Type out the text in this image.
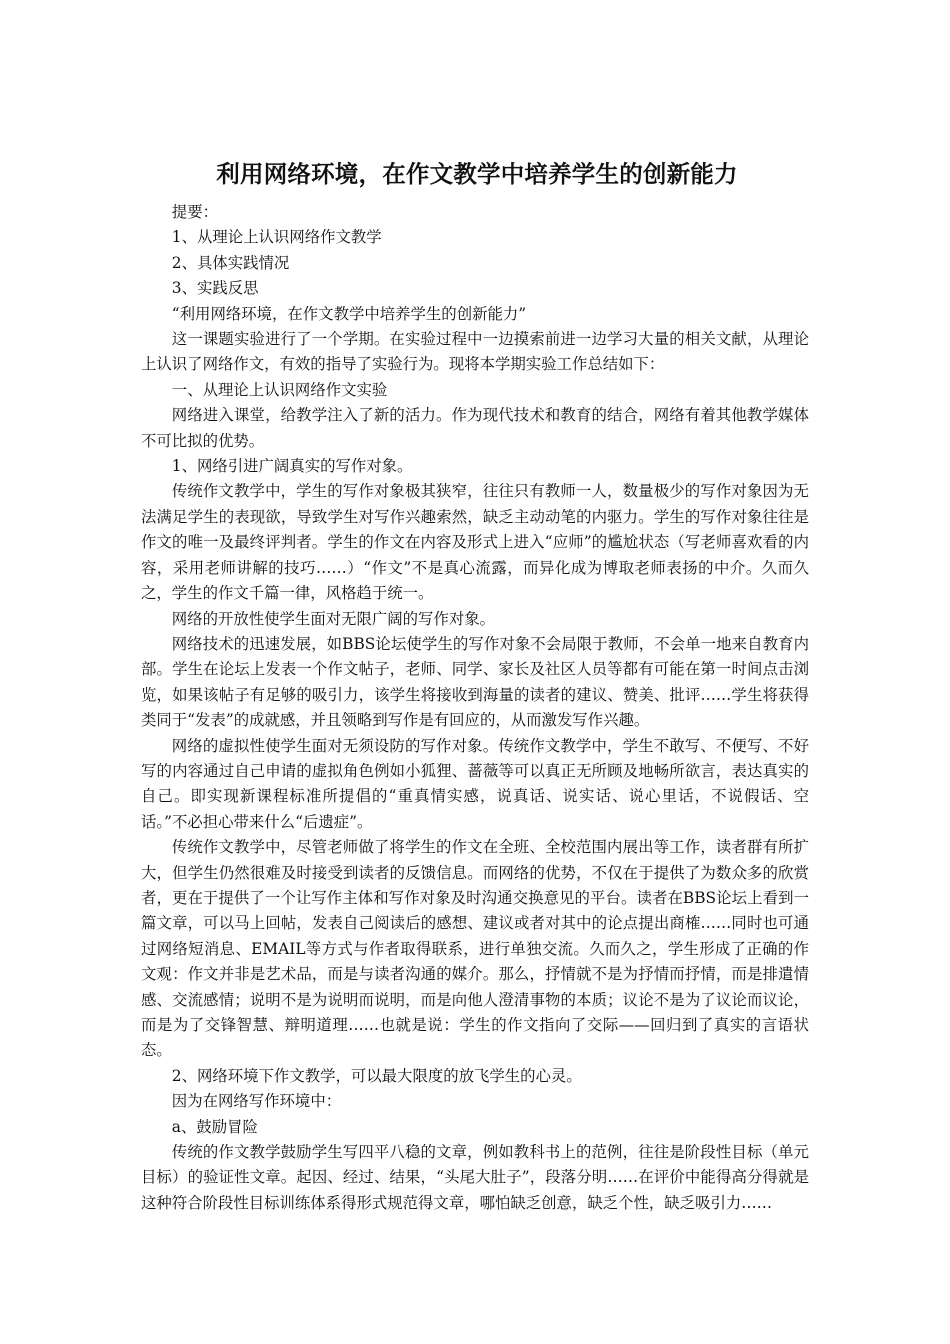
利用网络环境，在作文教学中培养学生的创新能力

提要：

1、从理论上认识网络作文教学

2、具体实践情况

3、实践反思

“利用网络环境，在作文教学中培养学生的创新能力”

这一课题实验进行了一个学期。在实验过程中一边摸索前进一边学习大量的相关文献，从理论上认识了网络作文，有效的指导了实验行为。现将本学期实验工作总结如下：

一、从理论上认识网络作文实验

网络进入课堂，给教学注入了新的活力。作为现代技术和教育的结合，网络有着其他教学媒体不可比拟的优势。

1、网络引进广阔真实的写作对象。

传统作文教学中，学生的写作对象极其狭窄，往往只有教师一人，数量极少的写作对象因为无法满足学生的表现欲，导致学生对写作兴趣索然，缺乏主动动笔的内驱力。学生的写作对象往往是作文的唯一及最终评判者。学生的作文在内容及形式上进入“应师”的尴尬状态（写老师喜欢看的内容，采用老师讲解的技巧……）“作文”不是真心流露，而异化成为博取老师表扬的中介。久而久之，学生的作文千篇一律，风格趋于统一。

网络的开放性使学生面对无限广阔的写作对象。

网络技术的迅速发展，如BBS论坛使学生的写作对象不会局限于教师，不会单一地来自教育内部。学生在论坛上发表一个作文帖子，老师、同学、家长及社区人员等都有可能在第一时间点击浏览，如果该帖子有足够的吸引力，该学生将接收到海量的读者的建议、赞美、批评……学生将获得类同于“发表”的成就感，并且领略到写作是有回应的，从而激发写作兴趣。

网络的虚拟性使学生面对无须设防的写作对象。传统作文教学中，学生不敢写、不便写、不好写的内容通过自己申请的虚拟角色例如小狐狸、蔷薇等可以真正无所顾及地畅所欲言，表达真实的自己。即实现新课程标准所提倡的“重真情实感，说真话、说实话、说心里话，不说假话、空话。”不必担心带来什么“后遗症”。

传统作文教学中，尽管老师做了将学生的作文在全班、全校范围内展出等工作，读者群有所扩大，但学生仍然很难及时接受到读者的反馈信息。而网络的优势，不仅在于提供了为数众多的欣赏者，更在于提供了一个让写作主体和写作对象及时沟通交换意见的平台。读者在BBS论坛上看到一篇文章，可以马上回帖，发表自己阅读后的感想、建议或者对其中的论点提出商榷……同时也可通过网络短消息、EMAIL等方式与作者取得联系，进行单独交流。久而久之，学生形成了正确的作文观：作文并非是艺术品，而是与读者沟通的媒介。那么，抒情就不是为抒情而抒情，而是排遣情感、交流感情；说明不是为说明而说明，而是向他人澄清事物的本质；议论不是为了议论而议论，而是为了交锋智慧、辩明道理……也就是说：学生的作文指向了交际——回归到了真实的言语状态。

2、网络环境下作文教学，可以最大限度的放飞学生的心灵。

因为在网络写作环境中：

a、鼓励冒险

传统的作文教学鼓励学生写四平八稳的文章，例如教科书上的范例，往往是阶段性目标（单元目标）的验证性文章。起因、经过、结果，“头尾大肚子”，段落分明……在评价中能得高分得就是这种符合阶段性目标训练体系得形式规范得文章，哪怕缺乏创意，缺乏个性，缺乏吸引力……
